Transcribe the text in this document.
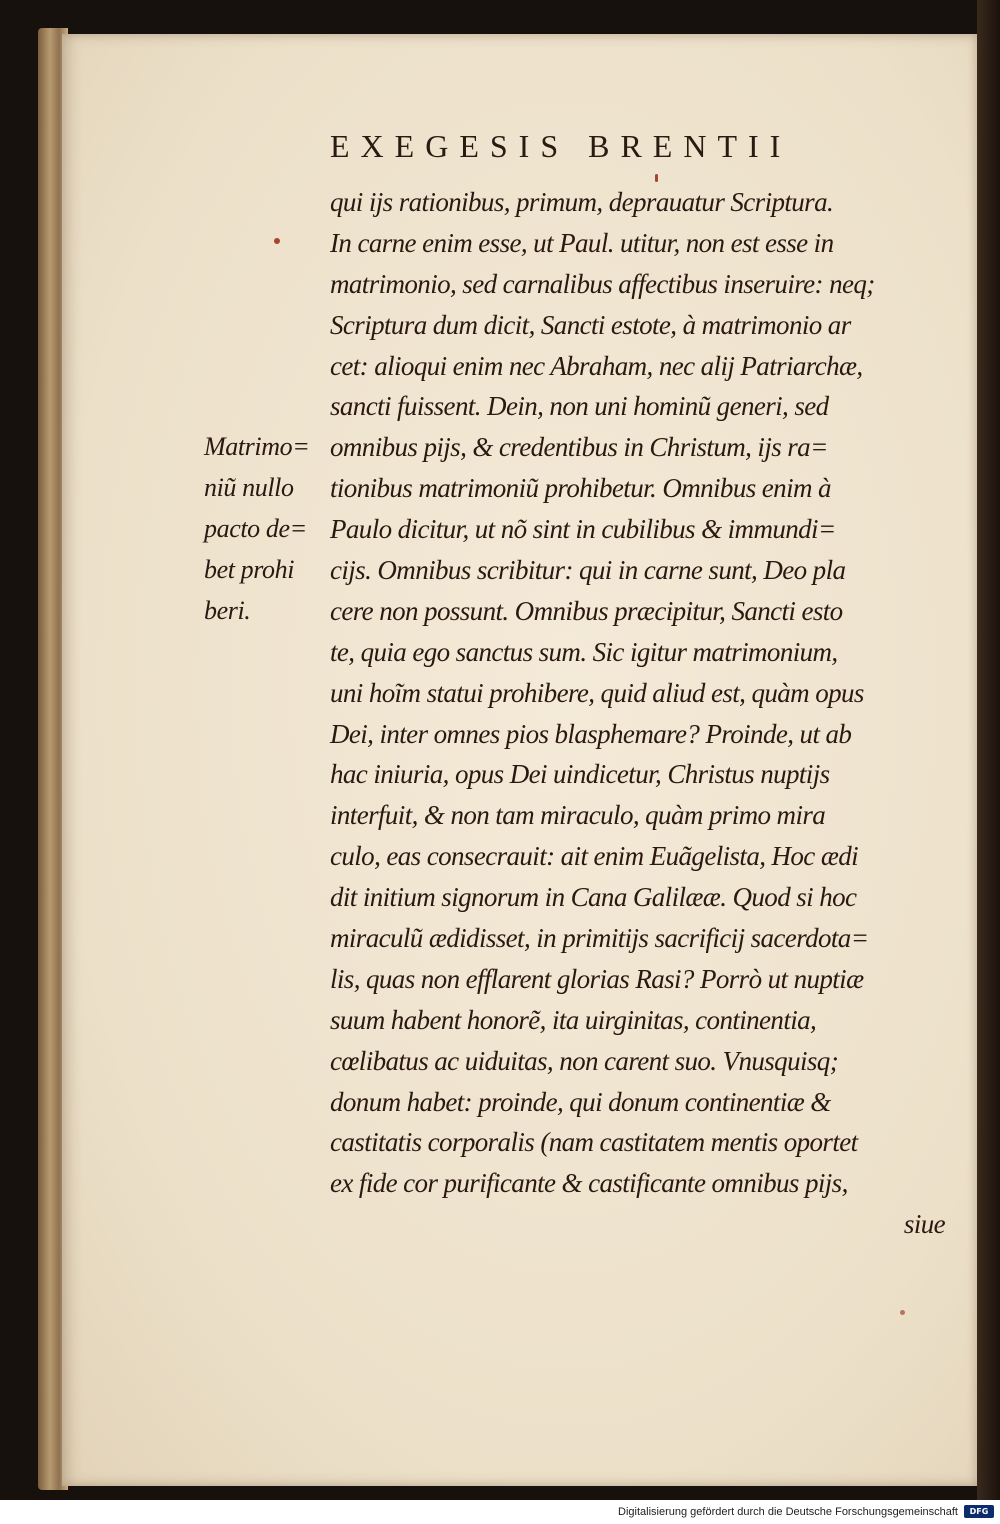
EXEGESIS BRENTII
qui ijs rationibus, primum, deprauatur Scriptura.
In carne enim esse, ut Paul. utitur, non est esse in
matrimonio, sed carnalibus affectibus inseruire: neq;
Scriptura dum dicit, Sancti estote, à matrimonio ar
cet: alioqui enim nec Abraham, nec alij Patriarchæ,
sancti fuissent. Dein, non uni hominũ generi, sed
omnibus pijs, & credentibus in Christum, ijs ra=
tionibus matrimoniũ prohibetur. Omnibus enim à
Paulo dicitur, ut nõ sint in cubilibus & immundi=
cijs. Omnibus scribitur: qui in carne sunt, Deo pla
cere non possunt. Omnibus præcipitur, Sancti esto
te, quia ego sanctus sum. Sic igitur matrimonium,
uni hoĩm statui prohibere, quid aliud est, quàm opus
Dei, inter omnes pios blasphemare? Proinde, ut ab
hac iniuria, opus Dei uindicetur, Christus nuptijs
interfuit, & non tam miraculo, quàm primo mira
culo, eas consecrauit: ait enim Euãgelista, Hoc ædi
dit initium signorum in Cana Galilææ. Quod si hoc
miraculũ ædidisset, in primitijs sacrificij sacerdota=
lis, quas non efflarent glorias Rasi? Porrò ut nuptiæ
suum habent honorẽ, ita uirginitas, continentia,
cœlibatus ac uiduitas, non carent suo. Vnusquisq;
donum habet: proinde, qui donum continentiæ &
castitatis corporalis (nam castitatem mentis oportet
ex fide cor purificante & castificante omnibus pijs,
siue
Matrimo=
niũ nullo
pacto de=
bet prohi
beri.
Digitalisierung gefördert durch die Deutsche Forschungsgemeinschaft	DFG
